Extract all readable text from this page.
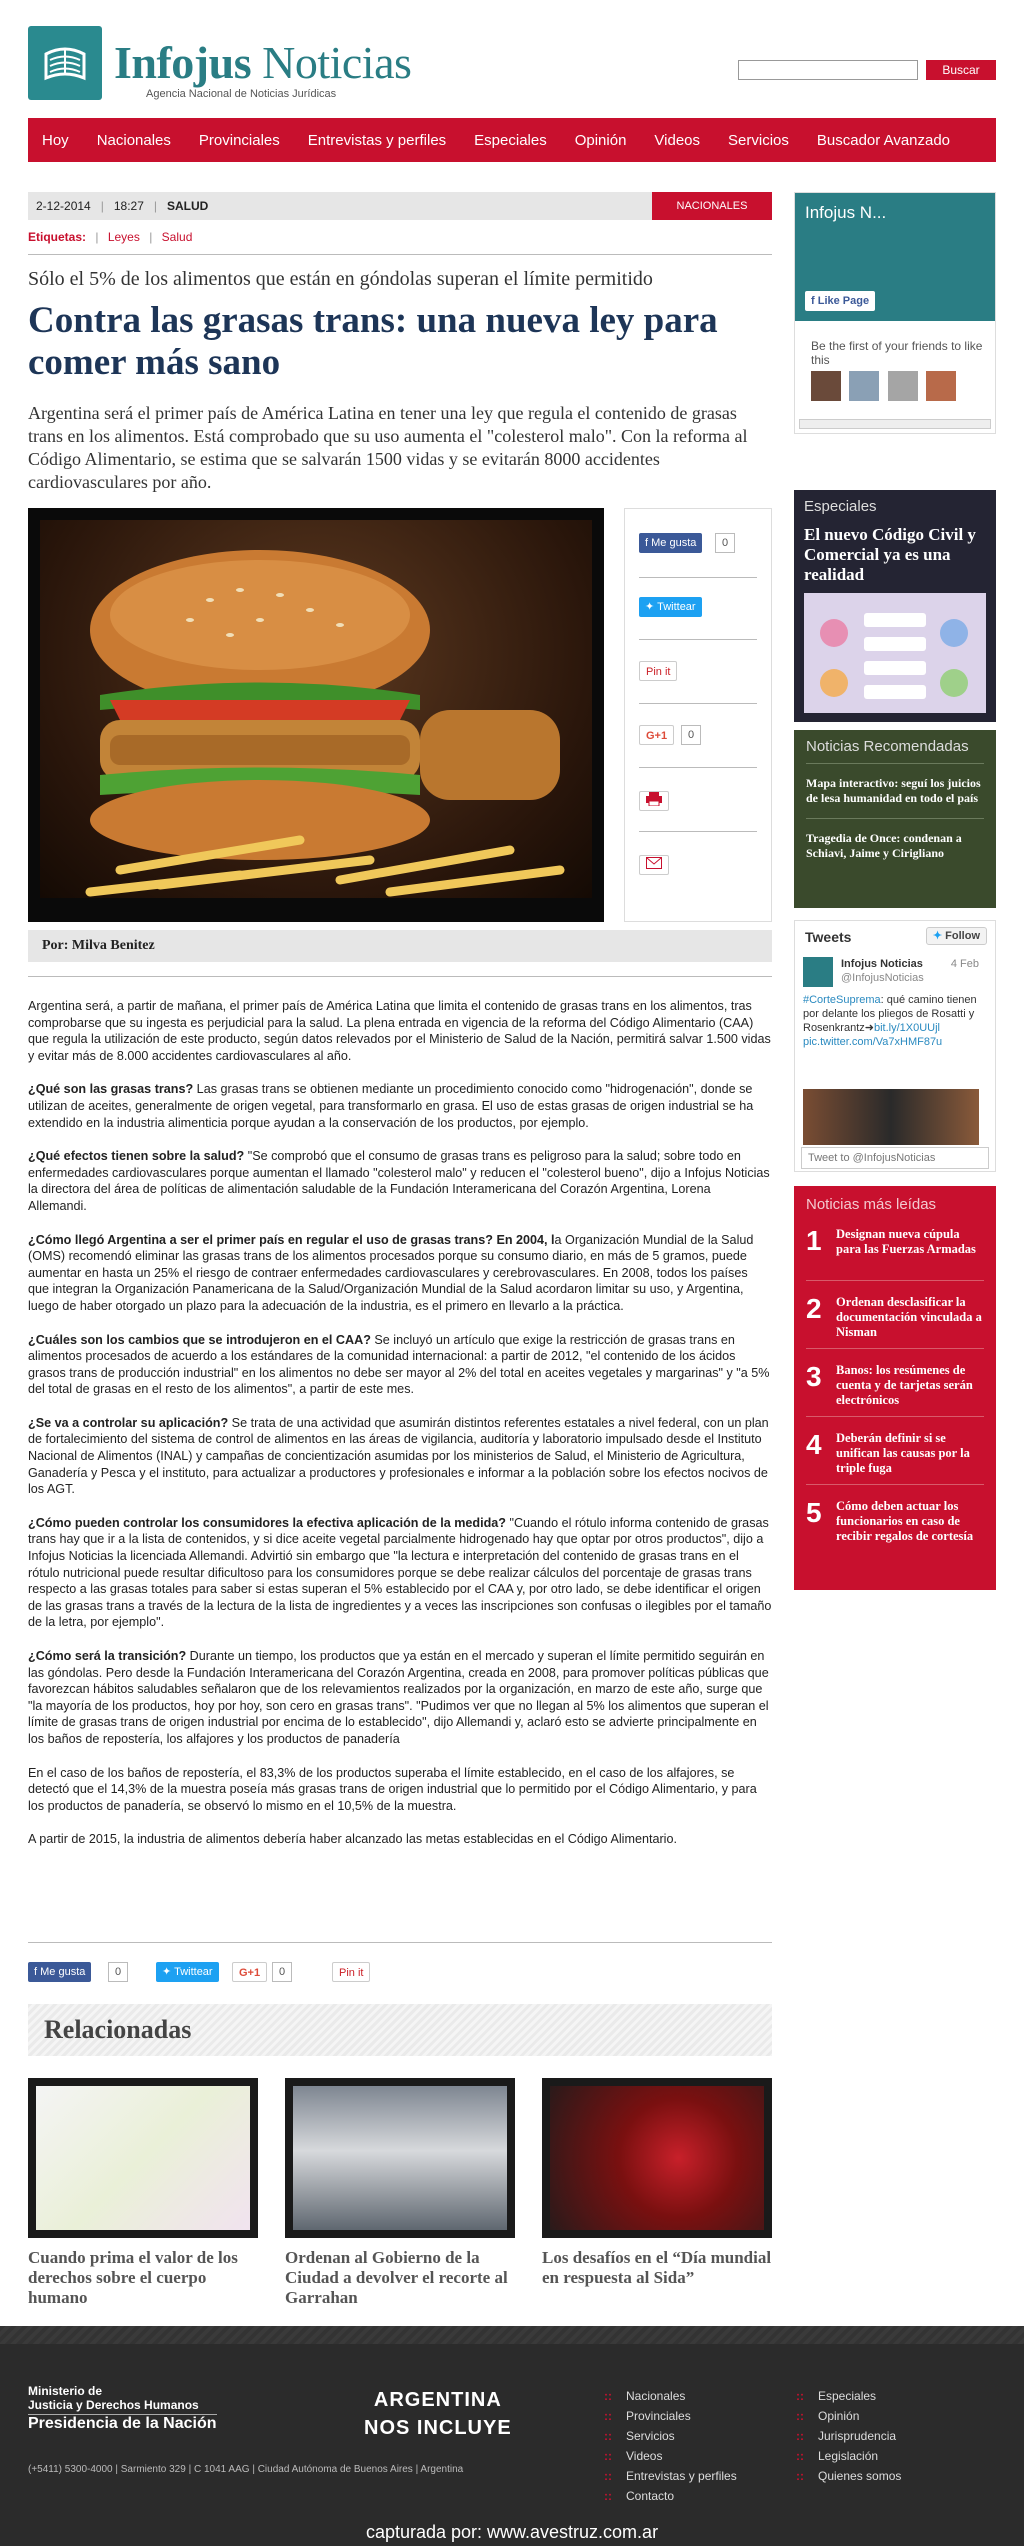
Infojus Noticias
Agencia Nacional de Noticias Jurídicas
Buscar
Hoy Nacionales Provinciales Entrevistas y perfiles Especiales Opinión Videos Servicios Buscador Avanzado
2-12-2014 | 18:27 | SALUD	NACIONALES
Etiquetas: | Leyes | Salud
Sólo el 5% de los alimentos que están en góndolas superan el límite permitido
Contra las grasas trans: una nueva ley para comer más sano
Argentina será el primer país de América Latina en tener una ley que regula el contenido de grasas trans en los alimentos. Está comprobado que su uso aumenta el "colesterol malo". Con la reforma al Código Alimentario, se estima que se salvarán 1500 vidas y se evitarán 8000 accidentes cardiovasculares por año.
f Me gusta	0
✦ Twittear
Pin it
G+1	0
Por: Milva Benitez

Argentina será, a partir de mañana, el primer país de América Latina que limita el contenido de grasas trans en los alimentos, tras comprobarse que su ingesta es perjudicial para la salud. La plena entrada en vigencia de la reforma del Código Alimentario (CAA) que regula la utilización de este producto, según datos relevados por el Ministerio de Salud de la Nación, permitirá salvar 1.500 vidas y evitar más de 8.000 accidentes cardiovasculares al año.

¿Qué son las grasas trans? Las grasas trans se obtienen mediante un procedimiento conocido como "hidrogenación", donde se utilizan de aceites, generalmente de origen vegetal, para transformarlo en grasa. El uso de estas grasas de origen industrial se ha extendido en la industria alimenticia porque ayudan a la conservación de los productos, por ejemplo.

¿Qué efectos tienen sobre la salud? "Se comprobó que el consumo de grasas trans es peligroso para la salud; sobre todo en enfermedades cardiovasculares porque aumentan el llamado "colesterol malo" y reducen el "colesterol bueno", dijo a Infojus Noticias la directora del área de políticas de alimentación saludable de la Fundación Interamericana del Corazón Argentina, Lorena Allemandi.

¿Cómo llegó Argentina a ser el primer país en regular el uso de grasas trans? En 2004, la Organización Mundial de la Salud (OMS) recomendó eliminar las grasas trans de los alimentos procesados porque su consumo diario, en más de 5 gramos, puede aumentar en hasta un 25% el riesgo de contraer enfermedades cardiovasculares y cerebrovasculares. En 2008, todos los países que integran la Organización Panamericana de la Salud/Organización Mundial de la Salud acordaron limitar su uso, y Argentina, luego de haber otorgado un plazo para la adecuación de la industria, es el primero en llevarlo a la práctica.

¿Cuáles son los cambios que se introdujeron en el CAA? Se incluyó un artículo que exige la restricción de grasas trans en alimentos procesados de acuerdo a los estándares de la comunidad internacional: a partir de 2012, "el contenido de los ácidos grasos trans de producción industrial" en los alimentos no debe ser mayor al 2% del total en aceites vegetales y margarinas" y "a 5% del total de grasas en el resto de los alimentos", a partir de este mes.

¿Se va a controlar su aplicación? Se trata de una actividad que asumirán distintos referentes estatales a nivel federal, con un plan de fortalecimiento del sistema de control de alimentos en las áreas de vigilancia, auditoría y laboratorio impulsado desde el Instituto Nacional de Alimentos (INAL) y campañas de concientización asumidas por los ministerios de Salud, el Ministerio de Agricultura, Ganadería y Pesca y el instituto, para actualizar a productores y profesionales e informar a la población sobre los efectos nocivos de los AGT.

¿Cómo pueden controlar los consumidores la efectiva aplicación de la medida? "Cuando el rótulo informa contenido de grasas trans hay que ir a la lista de contenidos, y si dice aceite vegetal parcialmente hidrogenado hay que optar por otros productos", dijo a Infojus Noticias la licenciada Allemandi. Advirtió sin embargo que "la lectura e interpretación del contenido de grasas trans en el rótulo nutricional puede resultar dificultoso para los consumidores porque se debe realizar cálculos del porcentaje de grasas trans respecto a las grasas totales para saber si estas superan el 5% establecido por el CAA y, por otro lado, se debe identificar el origen de las grasas trans a través de la lectura de la lista de ingredientes y a veces las inscripciones son confusas o ilegibles por el tamaño de la letra, por ejemplo".

¿Cómo será la transición? Durante un tiempo, los productos que ya están en el mercado y superan el límite permitido seguirán en las góndolas. Pero desde la Fundación Interamericana del Corazón Argentina, creada en 2008, para promover políticas públicas que favorezcan hábitos saludables señalaron que de los relevamientos realizados por la organización, en marzo de este año, surge que "la mayoría de los productos, hoy por hoy, son cero en grasas trans". "Pudimos ver que no llegan al 5% los alimentos que superan el límite de grasas trans de origen industrial por encima de lo establecido", dijo Allemandi y, aclaró esto se advierte principalmente en los baños de repostería, los alfajores y los productos de panadería

En el caso de los baños de repostería, el 83,3% de los productos superaba el límite establecido, en el caso de los alfajores, se detectó que el 14,3% de la muestra poseía más grasas trans de origen industrial que lo permitido por el Código Alimentario, y para los productos de panadería, se observó lo mismo en el 10,5% de la muestra.

A partir de 2015, la industria de alimentos debería haber alcanzado las metas establecidas en el Código Alimentario.

f Me gusta	0	✦ Twittear	G+1	0	Pin it
Relacionadas
Cuando prima el valor de los derechos sobre el cuerpo humano
Ordenan al Gobierno de la Ciudad a devolver el recorte al Garrahan
Los desafíos en el “Día mundial en respuesta al Sida”
Infojus N...
f Like Page
Be the first of your friends to like this

Especiales
El nuevo Código Civil y Comercial ya es una realidad
Noticias Recomendadas
Mapa interactivo: seguí los juicios de lesa humanidad en todo el país
Tragedia de Once: condenan a Schiavi, Jaime y Cirigliano
Tweets	✦ Follow
Infojus Noticias
@InfojusNoticias
4 Feb
#CorteSuprema: qué camino tienen por delante los pliegos de Rosatti y Rosenkrantz➜bit.ly/1X0UUjl pic.twitter.com/Va7xHMF87u
Tweet to @InfojusNoticias
Noticias más leídas
1 Designan nueva cúpula para las Fuerzas Armadas
2 Ordenan desclasificar la documentación vinculada a Nisman
3 Banos: los resúmenes de cuenta y de tarjetas serán electrónicos
4 Deberán definir si se unifican las causas por la triple fuga
5 Cómo deben actuar los funcionarios en caso de recibir regalos de cortesía
Ministerio de
Justicia y Derechos Humanos
Presidencia de la Nación
ARGENTINA
NOS INCLUYE
(+5411) 5300-4000 | Sarmiento 329 | C 1041 AAG | Ciudad Autónoma de Buenos Aires | Argentina
:: Nacionales
:: Provinciales
:: Servicios
:: Videos
:: Entrevistas y perfiles
:: Contacto
:: Especiales
:: Opinión
:: Jurisprudencia
:: Legislación
:: Quienes somos
capturada por: www.avestruz.com.ar
